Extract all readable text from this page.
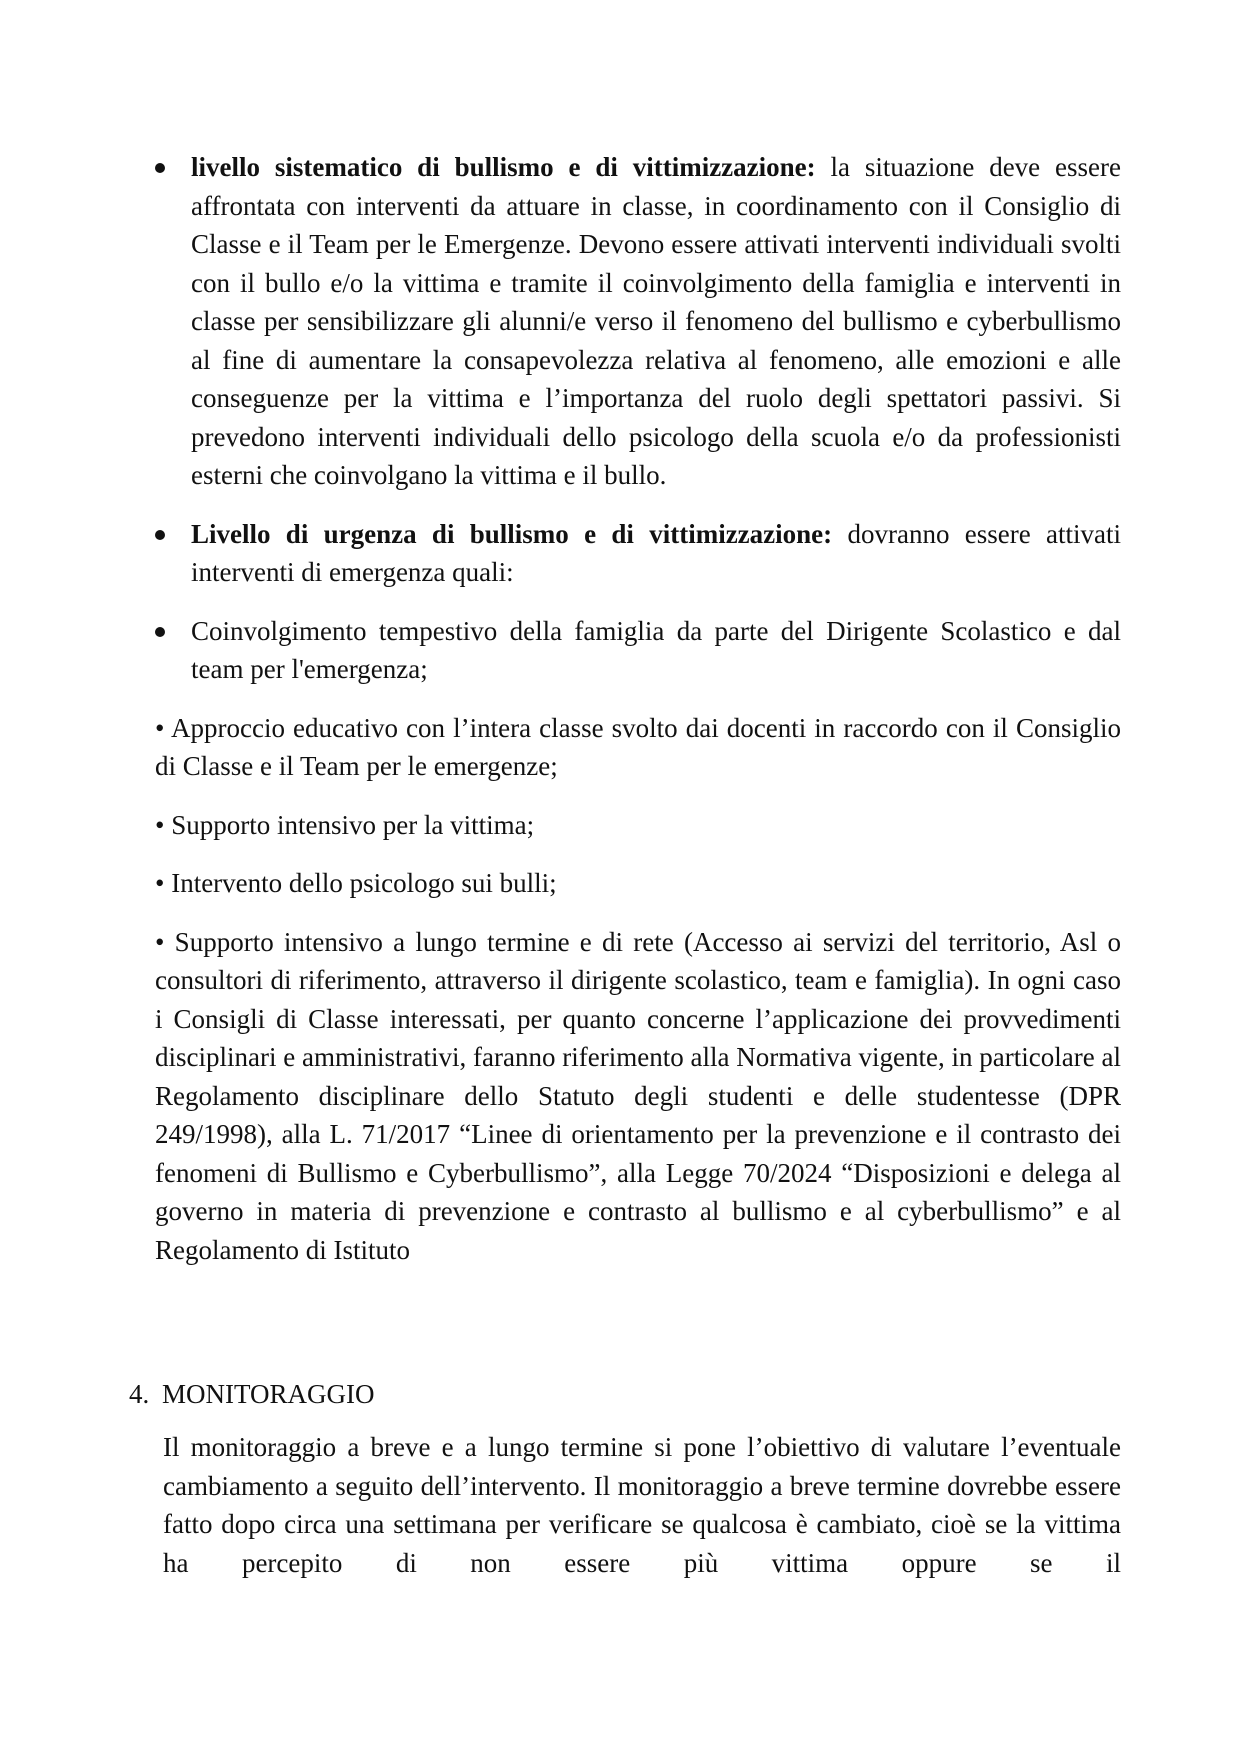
livello sistematico di bullismo e di vittimizzazione: la situazione deve essere affrontata con interventi da attuare in classe, in coordinamento con il Consiglio di Classe e il Team per le Emergenze. Devono essere attivati interventi individuali svolti con il bullo e/o la vittima e tramite il coinvolgimento della famiglia e interventi in classe per sensibilizzare gli alunni/e verso il fenomeno del bullismo e cyberbullismo al fine di aumentare la consapevolezza relativa al fenomeno, alle emozioni e alle conseguenze per la vittima e l’importanza del ruolo degli spettatori passivi. Si prevedono interventi individuali dello psicologo della scuola e/o da professionisti esterni che coinvolgano la vittima e il bullo.
Livello di urgenza di bullismo e di vittimizzazione: dovranno essere attivati interventi di emergenza quali:
Coinvolgimento tempestivo della famiglia da parte del Dirigente Scolastico e dal team per l'emergenza;

• Approccio educativo con l’intera classe svolto dai docenti in raccordo con il Consiglio di Classe e il Team per le emergenze;

• Supporto intensivo per la vittima;

• Intervento dello psicologo sui bulli;

• Supporto intensivo a lungo termine e di rete (Accesso ai servizi del territorio, Asl o consultori di riferimento, attraverso il dirigente scolastico, team e famiglia). In ogni caso i Consigli di Classe interessati, per quanto concerne l’applicazione dei provvedimenti disciplinari e amministrativi, faranno riferimento alla Normativa vigente, in particolare al Regolamento disciplinare dello Statuto degli studenti e delle studentesse (DPR 249/1998), alla L. 71/2017 “Linee di orientamento per la prevenzione e il contrasto dei fenomeni di Bullismo e Cyberbullismo”, alla Legge 70/2024 “Disposizioni e delega al governo in materia di prevenzione e contrasto al bullismo e al cyberbullismo” e al Regolamento di Istituto

4. MONITORAGGIO

Il monitoraggio a breve e a lungo termine si pone l’obiettivo di valutare l’eventuale cambiamento a seguito dell’intervento. Il monitoraggio a breve termine dovrebbe essere fatto dopo circa una settimana per verificare se qualcosa è cambiato, cioè se la vittima ha percepito di non essere più vittima oppure se il
